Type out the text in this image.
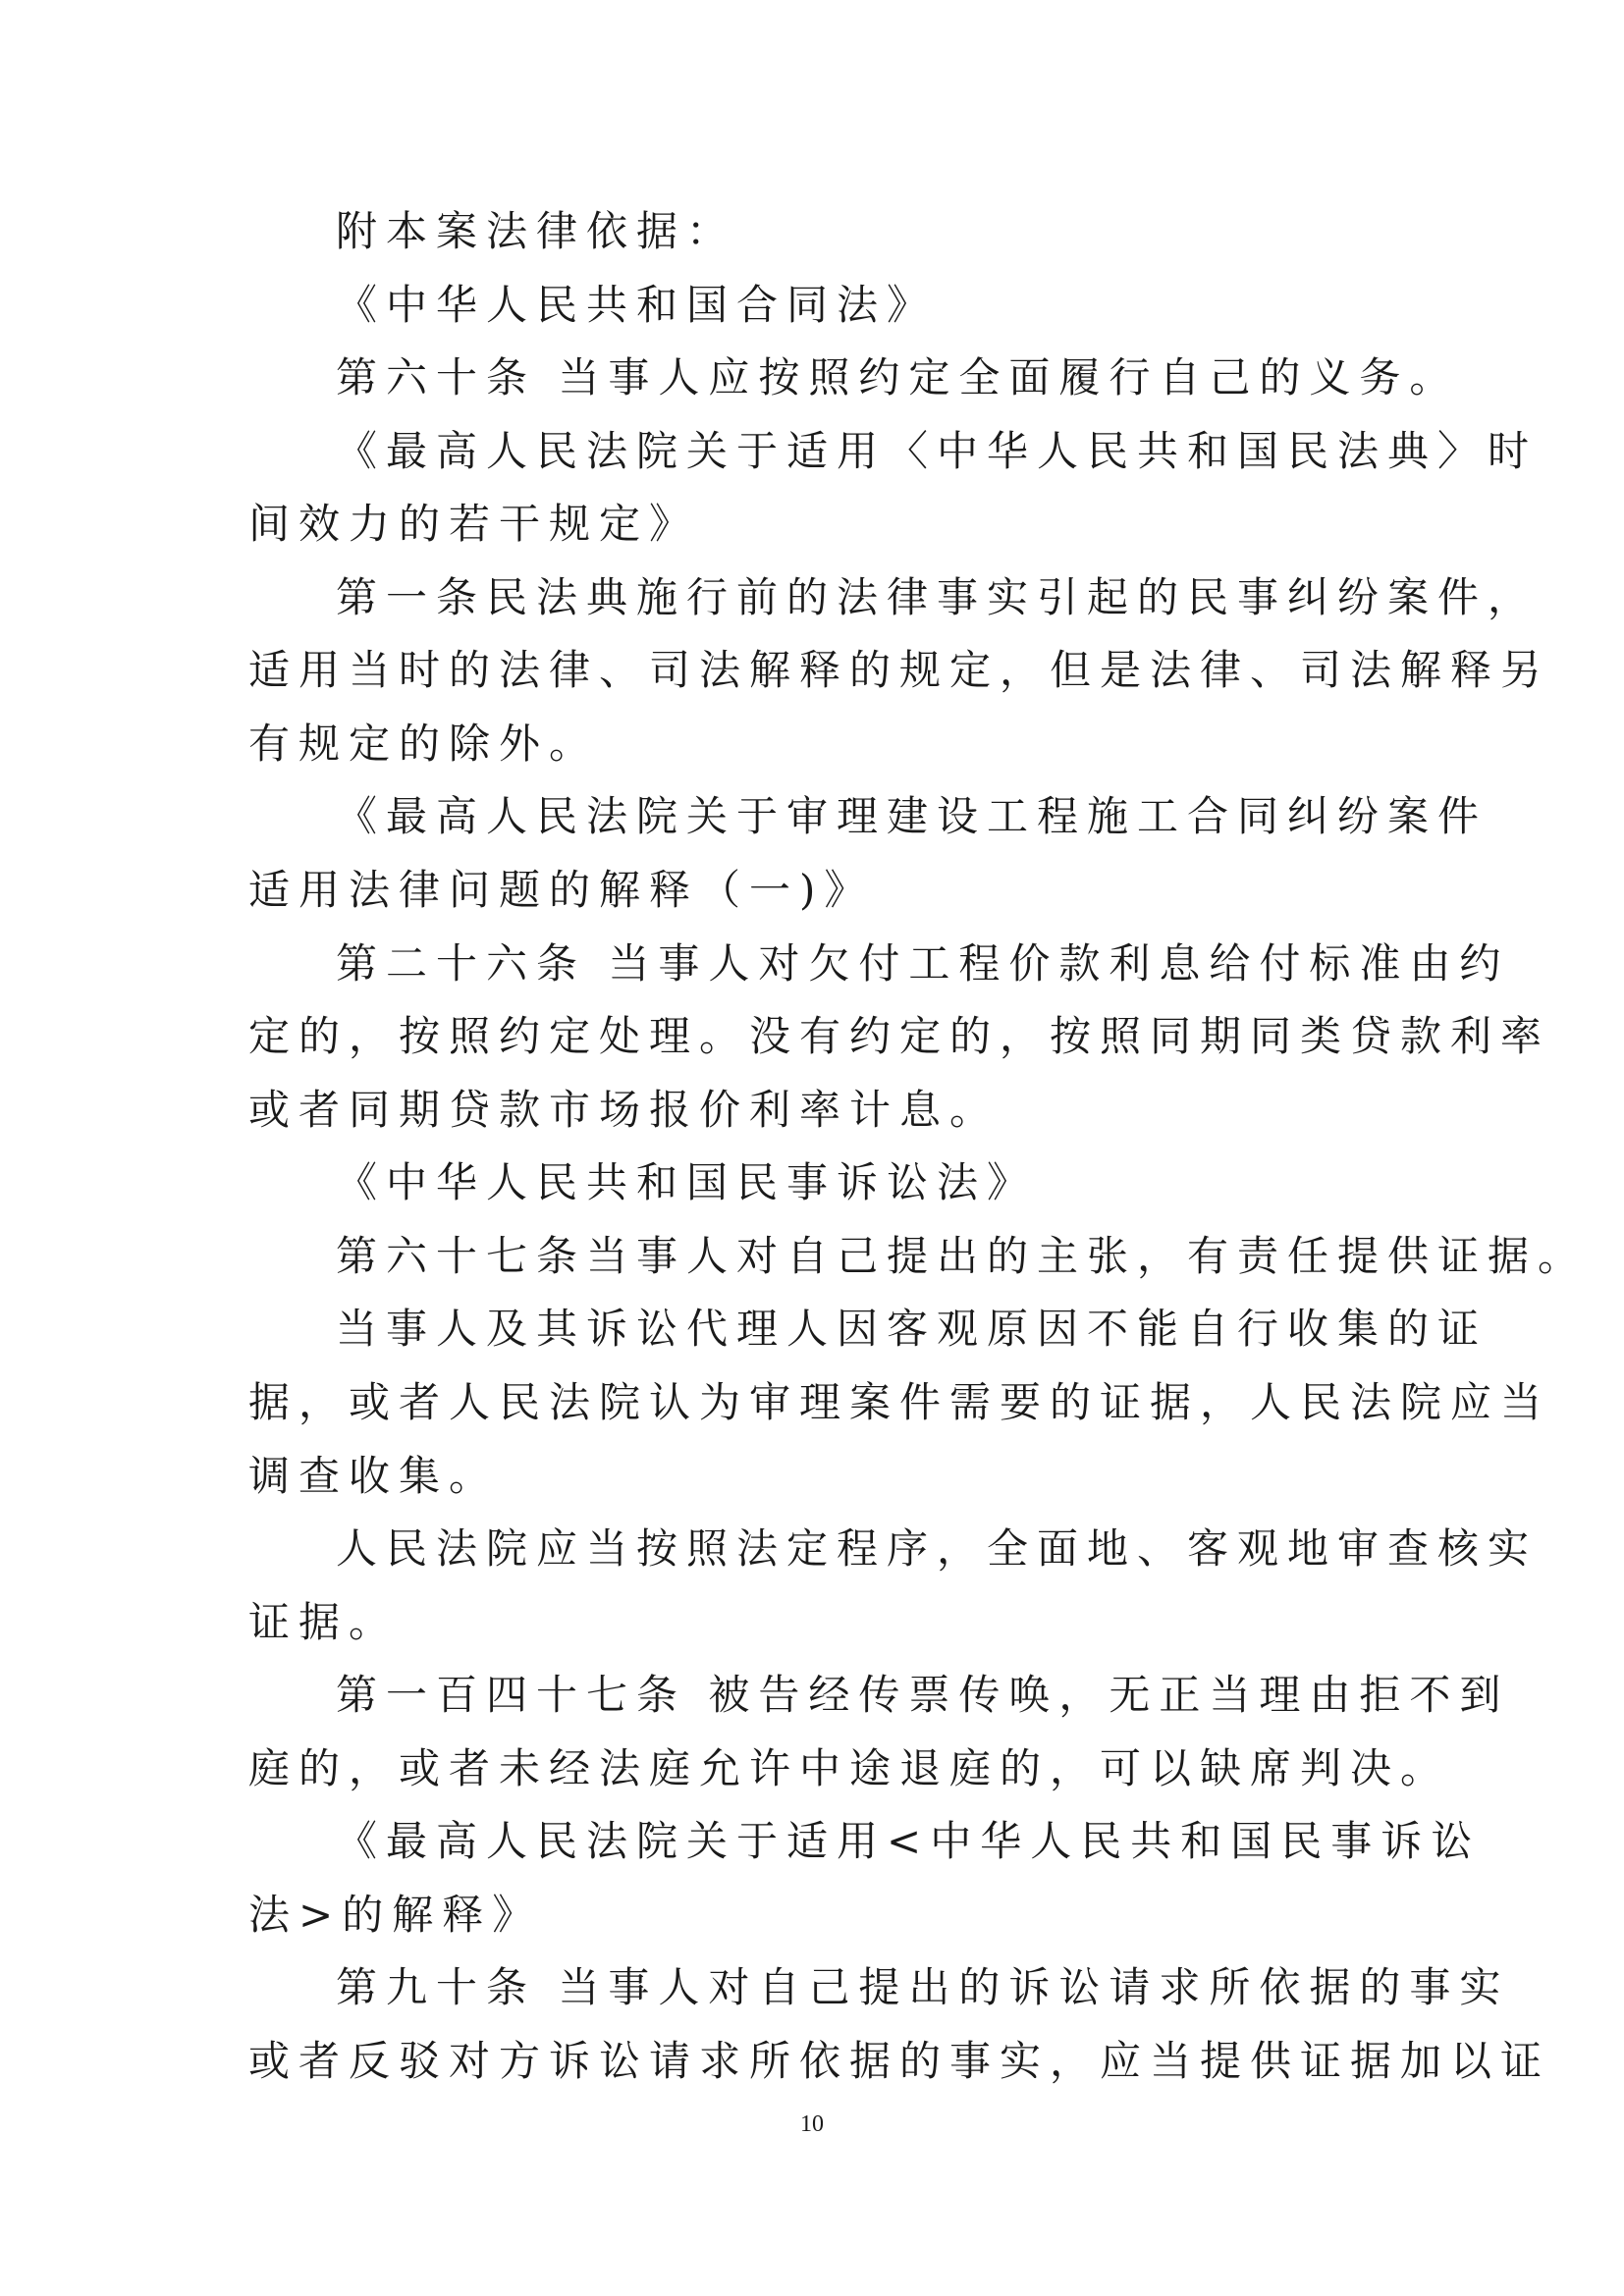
附本案法律依据：
《中华人民共和国合同法》
第六十条 当事人应按照约定全面履行自己的义务。
《最高人民法院关于适用〈中华人民共和国民法典〉时
间效力的若干规定》
第一条民法典施行前的法律事实引起的民事纠纷案件，
适用当时的法律、司法解释的规定，但是法律、司法解释另
有规定的除外。
《最高人民法院关于审理建设工程施工合同纠纷案件
适用法律问题的解释（一)》
第二十六条 当事人对欠付工程价款利息给付标准由约
定的，按照约定处理。没有约定的，按照同期同类贷款利率
或者同期贷款市场报价利率计息。
《中华人民共和国民事诉讼法》
第六十七条当事人对自己提出的主张，有责任提供证据。
当事人及其诉讼代理人因客观原因不能自行收集的证
据，或者人民法院认为审理案件需要的证据，人民法院应当
调查收集。
人民法院应当按照法定程序，全面地、客观地审查核实
证据。
第一百四十七条 被告经传票传唤，无正当理由拒不到
庭的，或者未经法庭允许中途退庭的，可以缺席判决。
《最高人民法院关于适用<中华人民共和国民事诉讼
法>的解释》
第九十条 当事人对自己提出的诉讼请求所依据的事实
或者反驳对方诉讼请求所依据的事实，应当提供证据加以证
10
